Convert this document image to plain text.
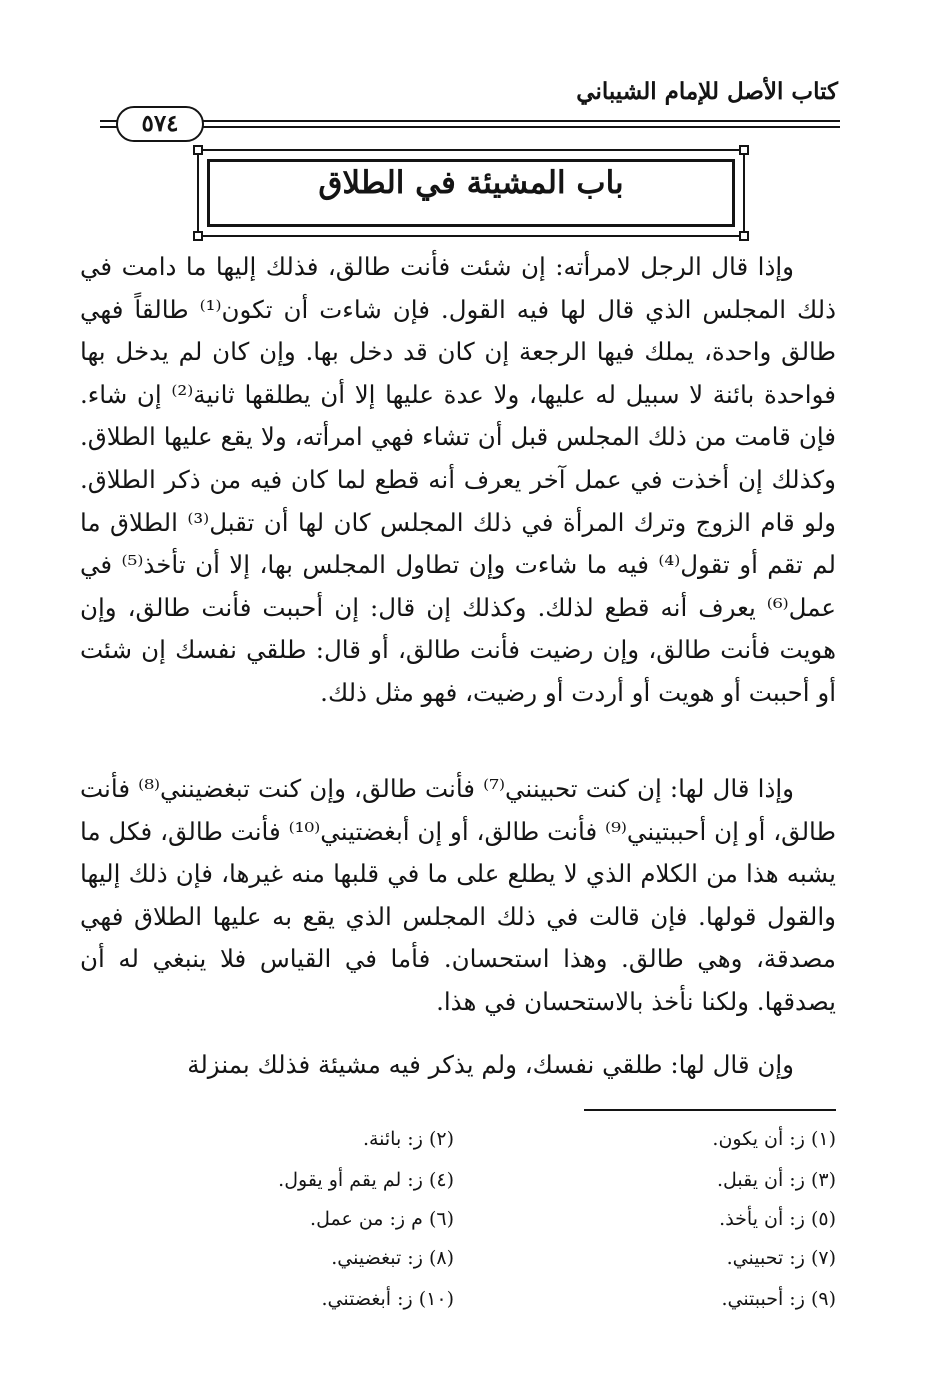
كتاب الأصل للإمام الشيباني
٥٧٤
باب المشيئة في الطلاق

وإذا قال الرجل لامرأته: إن شئت فأنت طالق، فذلك إليها ما دامت في ذلك المجلس الذي قال لها فيه القول. فإن شاءت أن تكون⁽¹⁾ طالقاً فهي طالق واحدة، يملك فيها الرجعة إن كان قد دخل بها. وإن كان لم يدخل بها فواحدة بائنة لا سبيل له عليها، ولا عدة عليها إلا أن يطلقها ثانية⁽²⁾ إن شاء. فإن قامت من ذلك المجلس قبل أن تشاء فهي امرأته، ولا يقع عليها الطلاق. وكذلك إن أخذت في عمل آخر يعرف أنه قطع لما كان فيه من ذكر الطلاق. ولو قام الزوج وترك المرأة في ذلك المجلس كان لها أن تقبل⁽³⁾ الطلاق ما لم تقم أو تقول⁽⁴⁾ فيه ما شاءت وإن تطاول المجلس بها، إلا أن تأخذ⁽⁵⁾ في عمل⁽⁶⁾ يعرف أنه قطع لذلك. وكذلك إن قال: إن أحببت فأنت طالق، وإن هويت فأنت طالق، وإن رضيت فأنت طالق، أو قال: طلقي نفسك إن شئت أو أحببت أو هويت أو أردت أو رضيت، فهو مثل ذلك.

وإذا قال لها: إن كنت تحبينني⁽⁷⁾ فأنت طالق، وإن كنت تبغضينني⁽⁸⁾ فأنت طالق، أو إن أحببتيني⁽⁹⁾ فأنت طالق، أو إن أبغضتيني⁽¹⁰⁾ فأنت طالق، فكل ما يشبه هذا من الكلام الذي لا يطلع على ما في قلبها منه غيرها، فإن ذلك إليها والقول قولها. فإن قالت في ذلك المجلس الذي يقع به عليها الطلاق فهي مصدقة، وهي طالق. وهذا استحسان. فأما في القياس فلا ينبغي له أن يصدقها. ولكنا نأخذ بالاستحسان في هذا.

وإن قال لها: طلقي نفسك، ولم يذكر فيه مشيئة فذلك بمنزلة

(١) ز: أن يكون.
(٢) ز: بائنة.
(٣) ز: أن يقبل.
(٤) ز: لم يقم أو يقول.
(٥) ز: أن يأخذ.
(٦) م ز: من عمل.
(٧) ز: تحبيني.
(٨) ز: تبغضيني.
(٩) ز: أحببتني.
(١٠) ز: أبغضتني.
